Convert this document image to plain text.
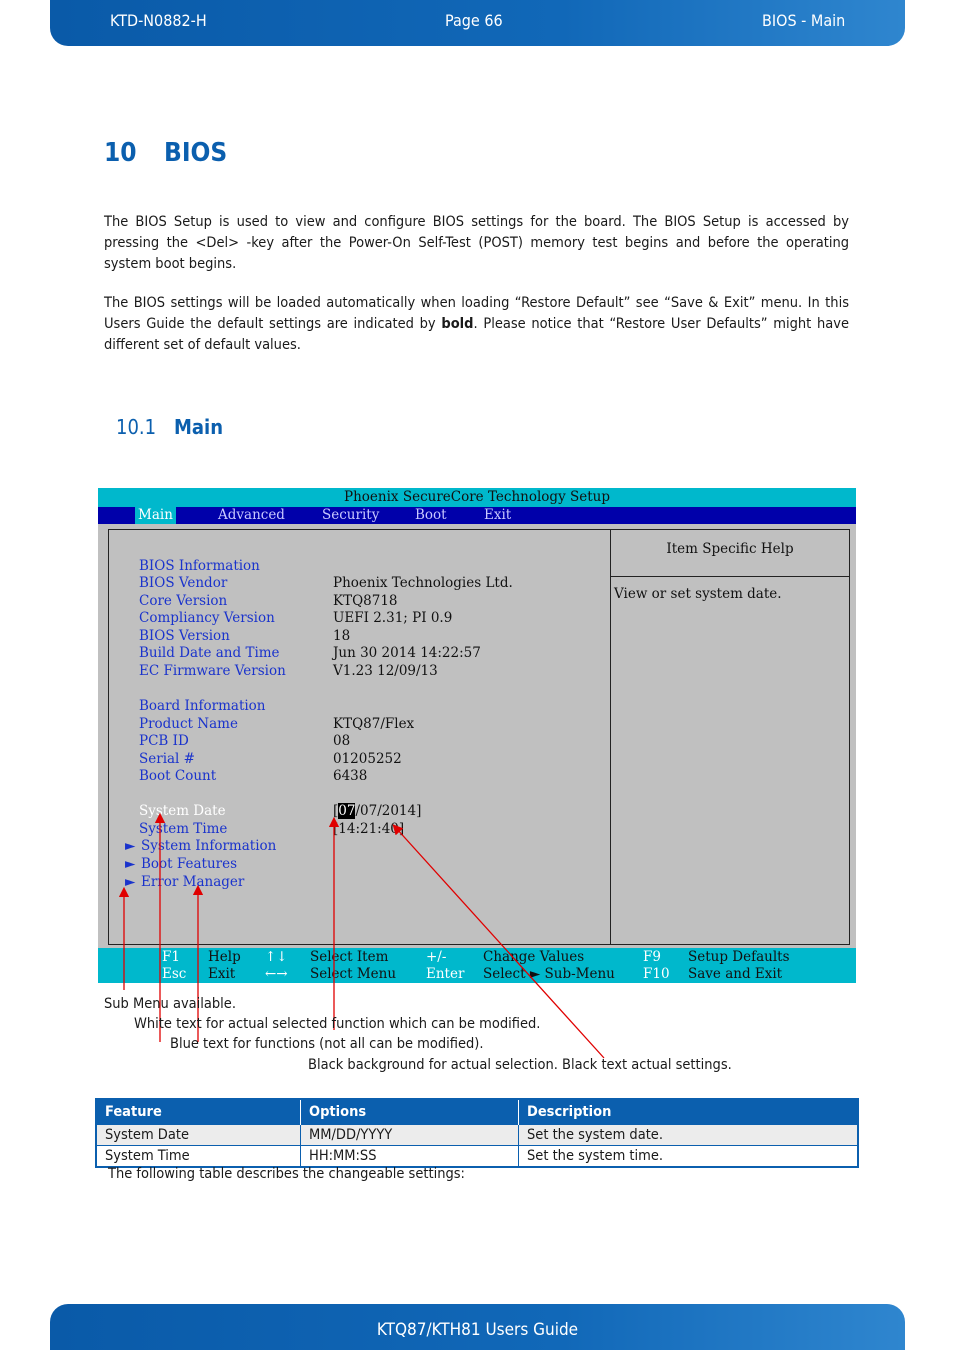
KTD-N0882-H	Page 66	BIOS - Main
10 BIOS
The BIOS Setup is used to view and configure BIOS settings for the board. The BIOS Setup is accessed by pressing the <Del> -key after the Power-On Self-Test (POST) memory test begins and before the operating system boot begins.
The BIOS settings will be loaded automatically when loading “Restore Default” see “Save & Exit” menu. In this Users Guide the default settings are indicated by bold. Please notice that “Restore User Defaults” might have different set of default values.
10.1 Main
Phoenix SecureCore Technology Setup
Main	Advanced	Security	Boot	Exit
BIOS Information
BIOS Vendor	Phoenix Technologies Ltd.
Core Version	KTQ8718
Compliancy Version	UEFI 2.31; PI 0.9
BIOS Version	18
Build Date and Time	Jun 30 2014 14:22:57
EC Firmware Version	V1.23 12/09/13
Board Information
Product Name	KTQ87/Flex
PCB ID	08
Serial #	01205252
Boot Count	6438
System Date	[07/07/2014]
System Time	[14:21:40]
► System Information
► Boot Features
► Error Manager
Item Specific Help
View or set system date.
F1 Help
Esc Exit
↑↓ Select Item
←→ Select Menu
+/-	Change Values
Enter Select ► Sub-Menu
F9 Setup Defaults
F10 Save and Exit
Sub Menu available.
White text for actual selected function which can be modified.
Blue text for functions (not all can be modified).
Black background for actual selection. Black text actual settings.
Feature	Options	Description
System Date	MM/DD/YYYY	Set the system date.
System Time	HH:MM:SS	Set the system time.
The following table describes the changeable settings:
KTQ87/KTH81 Users Guide
